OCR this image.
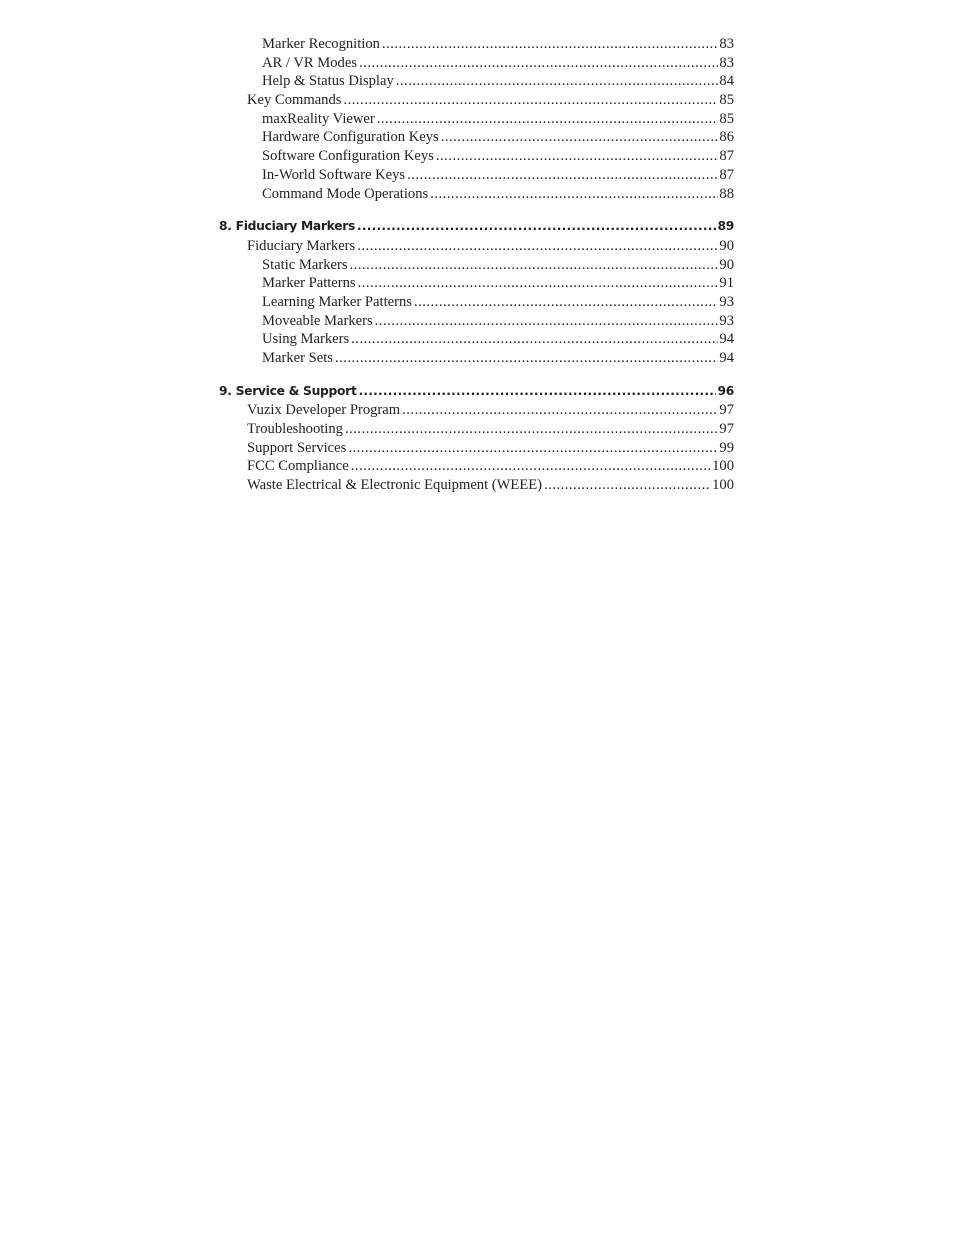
Marker Recognition .....	83
AR / VR Modes .....	83
Help & Status Display .....	84
Key Commands .....	85
maxReality Viewer .....	85
Hardware Configuration Keys .....	86
Software Configuration Keys .....	87
In-World Software Keys .....	87
Command Mode Operations .....	88
8. Fiduciary Markers .....	89
Fiduciary Markers .....	90
Static Markers .....	90
Marker Patterns .....	91
Learning Marker Patterns .....	93
Moveable Markers .....	93
Using Markers .....	94
Marker Sets .....	94
9. Service & Support .....	96
Vuzix Developer Program .....	97
Troubleshooting .....	97
Support Services .....	99
FCC Compliance .....	100
Waste Electrical & Electronic Equipment (WEEE) .....	100
